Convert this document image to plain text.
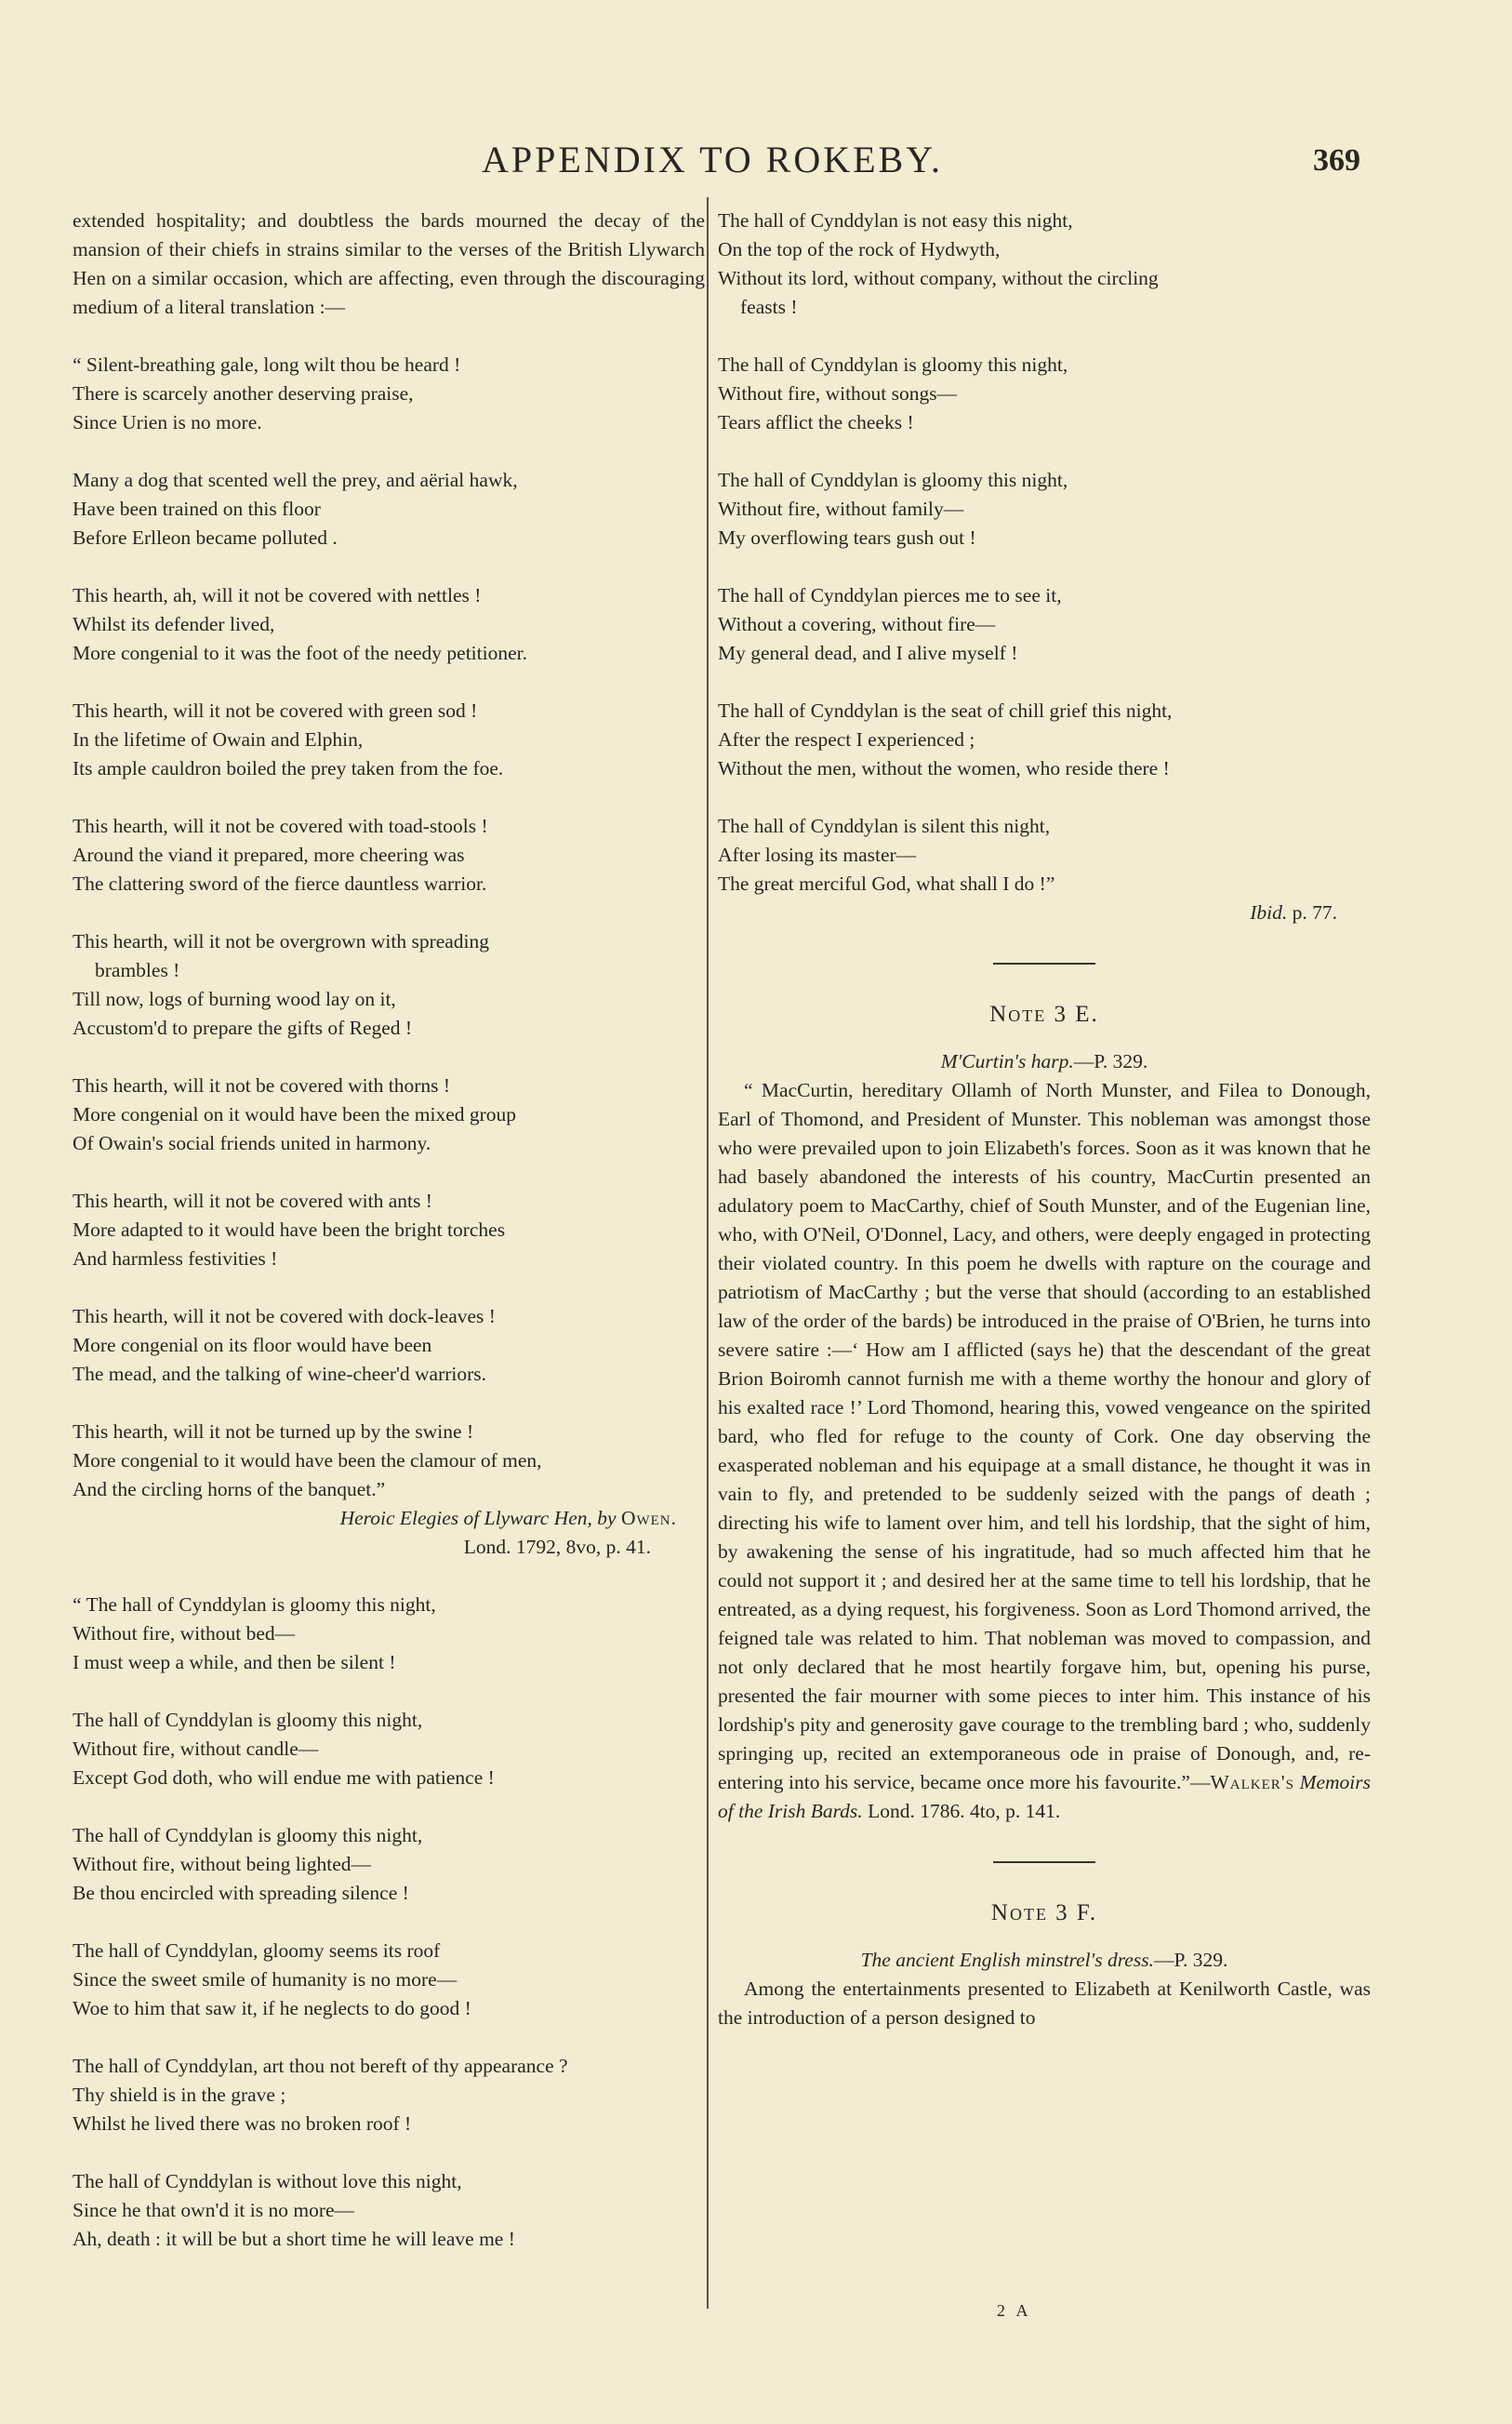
APPENDIX TO ROKEBY.	369

extended hospitality; and doubtless the bards mourned the decay of the mansion of their chiefs in strains similar to the verses of the British Llywarch Hen on a similar occasion, which are affecting, even through the discouraging medium of a literal translation :—

“ Silent-breathing gale, long wilt thou be heard !
There is scarcely another deserving praise,
Since Urien is no more.
Many a dog that scented well the prey, and aërial hawk,
Have been trained on this floor
Before Erlleon became polluted .
This hearth, ah, will it not be covered with nettles !
Whilst its defender lived,
More congenial to it was the foot of the needy petitioner.
This hearth, will it not be covered with green sod !
In the lifetime of Owain and Elphin,
Its ample cauldron boiled the prey taken from the foe.
This hearth, will it not be covered with toad-stools !
Around the viand it prepared, more cheering was
The clattering sword of the fierce dauntless warrior.
This hearth, will it not be overgrown with spreading
brambles !
Till now, logs of burning wood lay on it,
Accustom'd to prepare the gifts of Reged !
This hearth, will it not be covered with thorns !
More congenial on it would have been the mixed group
Of Owain's social friends united in harmony.
This hearth, will it not be covered with ants !
More adapted to it would have been the bright torches
And harmless festivities !
This hearth, will it not be covered with dock-leaves !
More congenial on its floor would have been
The mead, and the talking of wine-cheer'd warriors.
This hearth, will it not be turned up by the swine !
More congenial to it would have been the clamour of men,
And the circling horns of the banquet.”
Heroic Elegies of Llywarc Hen, by Owen.
Lond. 1792, 8vo, p. 41.
“ The hall of Cynddylan is gloomy this night,
Without fire, without bed—
I must weep a while, and then be silent !
The hall of Cynddylan is gloomy this night,
Without fire, without candle—
Except God doth, who will endue me with patience !
The hall of Cynddylan is gloomy this night,
Without fire, without being lighted—
Be thou encircled with spreading silence !
The hall of Cynddylan, gloomy seems its roof
Since the sweet smile of humanity is no more—
Woe to him that saw it, if he neglects to do good !
The hall of Cynddylan, art thou not bereft of thy appearance ?
Thy shield is in the grave ;
Whilst he lived there was no broken roof !
The hall of Cynddylan is without love this night,
Since he that own'd it is no more—
Ah, death : it will be but a short time he will leave me !
The hall of Cynddylan is not easy this night,
On the top of the rock of Hydwyth,
Without its lord, without company, without the circling
feasts !
The hall of Cynddylan is gloomy this night,
Without fire, without songs—
Tears afflict the cheeks !
The hall of Cynddylan is gloomy this night,
Without fire, without family—
My overflowing tears gush out !
The hall of Cynddylan pierces me to see it,
Without a covering, without fire—
My general dead, and I alive myself !
The hall of Cynddylan is the seat of chill grief this night,
After the respect I experienced ;
Without the men, without the women, who reside there !
The hall of Cynddylan is silent this night,
After losing its master—
The great merciful God, what shall I do !”
Ibid. p. 77.
Note 3 E.

M'Curtin's harp.—P. 329.

“ MacCurtin, hereditary Ollamh of North Munster, and Filea to Donough, Earl of Thomond, and President of Munster. This nobleman was amongst those who were prevailed upon to join Elizabeth's forces. Soon as it was known that he had basely abandoned the interests of his country, MacCurtin presented an adulatory poem to MacCarthy, chief of South Munster, and of the Eugenian line, who, with O'Neil, O'Donnel, Lacy, and others, were deeply engaged in protecting their violated country. In this poem he dwells with rapture on the courage and patriotism of MacCarthy ; but the verse that should (according to an established law of the order of the bards) be introduced in the praise of O'Brien, he turns into severe satire :—‘ How am I afflicted (says he) that the descendant of the great Brion Boiromh cannot furnish me with a theme worthy the honour and glory of his exalted race !’ Lord Thomond, hearing this, vowed vengeance on the spirited bard, who fled for refuge to the county of Cork. One day observing the exasperated nobleman and his equipage at a small distance, he thought it was in vain to fly, and pretended to be suddenly seized with the pangs of death ; directing his wife to lament over him, and tell his lordship, that the sight of him, by awakening the sense of his ingratitude, had so much affected him that he could not support it ; and desired her at the same time to tell his lordship, that he entreated, as a dying request, his forgiveness. Soon as Lord Thomond arrived, the feigned tale was related to him. That nobleman was moved to compassion, and not only declared that he most heartily forgave him, but, opening his purse, presented the fair mourner with some pieces to inter him. This instance of his lordship's pity and generosity gave courage to the trembling bard ; who, suddenly springing up, recited an extemporaneous ode in praise of Donough, and, re-entering into his service, became once more his favourite.”—Walker's Memoirs of the Irish Bards. Lond. 1786. 4to, p. 141.

Note 3 F.

The ancient English minstrel's dress.—P. 329.

Among the entertainments presented to Elizabeth at Kenilworth Castle, was the introduction of a person designed to

2 A
